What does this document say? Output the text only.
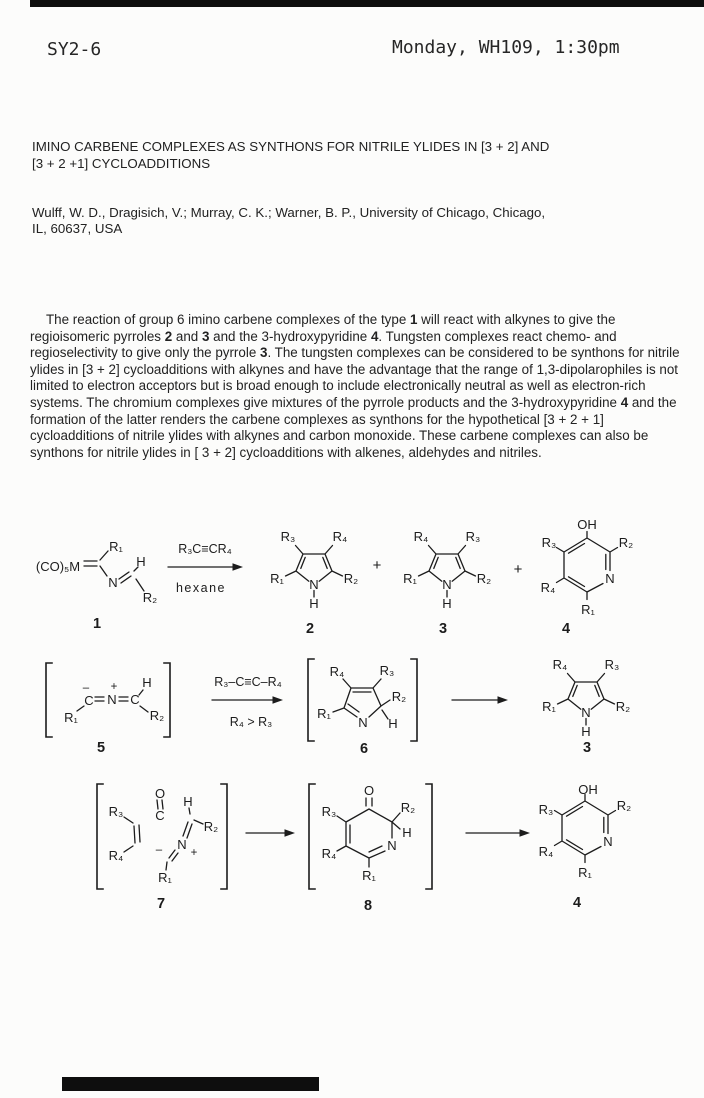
SY2-6	Monday, WH109, 1:30pm
IMINO CARBENE COMPLEXES AS SYNTHONS FOR NITRILE YLIDES IN [3 + 2] AND
[3 + 2 +1] CYCLOADDITIONS
Wulff, W. D., Dragisich, V.; Murray, C. K.; Warner, B. P., University of Chicago, Chicago,
IL, 60637, USA
The reaction of group 6 imino carbene complexes of the type 1 will react with alkynes to give the regioisomeric pyrroles 2 and 3 and the 3-hydroxypyridine 4. Tungsten complexes react chemo- and regioselectivity to give only the pyrrole 3. The tungsten complexes can be considered to be synthons for nitrile ylides in [3 + 2] cycloadditions with alkynes and have the advantage that the range of 1,3-dipolarophiles is not limited to electron acceptors but is broad enough to include electronically neutral as well as electron-rich systems. The chromium complexes give mixtures of the pyrrole products and the 3-hydroxypyridine 4 and the formation of the latter renders the carbene complexes as synthons for the hypothetical [3 + 2 + 1] cycloadditions of nitrile ylides with alkynes and carbon monoxide. These carbene complexes can also be synthons for nitrile ylides in [ 3 + 2] cycloadditions with alkenes, aldehydes and nitriles.
(CO)₅M
R₁
N
H
R₂
1
R₃C≡CR₄
hexane
R₃	R₄
R₁	R₂
N
H
2
+
R₄	R₃
R₁	R₂
N
H
3
+
OH
R₃	R₂
N
R₄
R₁
4
– +
R₁
C N C
H
R₂
5
R₃–C≡C–R₄
R₄ > R₃
R₄	R₃
R₁
R₂
N H
6
R₄	R₃
R₁	R₂
N
H
3
O
C
R₃
R₄
H
R₂
N
+
–
R₁
7
O
R₃	R₂
H
N
R₄
R₁
8
OH
R₃	R₂
N
R₄
R₁
4
